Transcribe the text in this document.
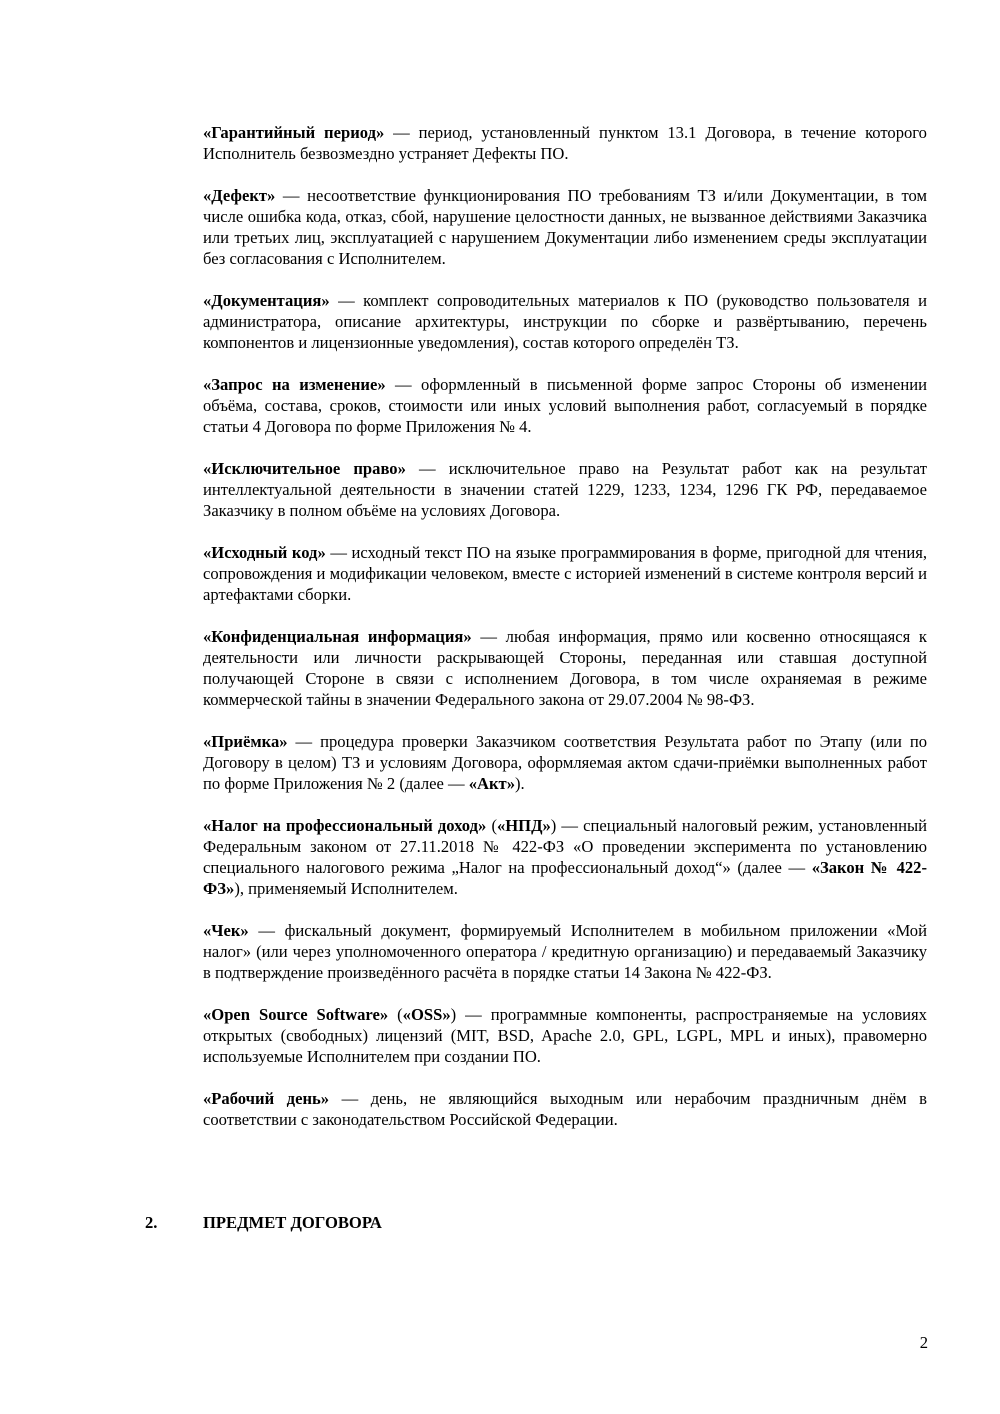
«Гарантийный период» — период, установленный пунктом 13.1 Договора, в течение которого Исполнитель безвозмездно устраняет Дефекты ПО.

«Дефект» — несоответствие функционирования ПО требованиям ТЗ и/или Документации, в том числе ошибка кода, отказ, сбой, нарушение целостности данных, не вызванное действиями Заказчика или третьих лиц, эксплуатацией с нарушением Документации либо изменением среды эксплуатации без согласования с Исполнителем.

«Документация» — комплект сопроводительных материалов к ПО (руководство пользователя и администратора, описание архитектуры, инструкции по сборке и развёртыванию, перечень компонентов и лицензионные уведомления), состав которого определён ТЗ.

«Запрос на изменение» — оформленный в письменной форме запрос Стороны об изменении объёма, состава, сроков, стоимости или иных условий выполнения работ, согласуемый в порядке статьи 4 Договора по форме Приложения № 4.

«Исключительное право» — исключительное право на Результат работ как на результат интеллектуальной деятельности в значении статей 1229, 1233, 1234, 1296 ГК РФ, передаваемое Заказчику в полном объёме на условиях Договора.

«Исходный код» — исходный текст ПО на языке программирования в форме, пригодной для чтения, сопровождения и модификации человеком, вместе с историей изменений в системе контроля версий и артефактами сборки.

«Конфиденциальная информация» — любая информация, прямо или косвенно относящаяся к деятельности или личности раскрывающей Стороны, переданная или ставшая доступной получающей Стороне в связи с исполнением Договора, в том числе охраняемая в режиме коммерческой тайны в значении Федерального закона от 29.07.2004 № 98-ФЗ.

«Приёмка» — процедура проверки Заказчиком соответствия Результата работ по Этапу (или по Договору в целом) ТЗ и условиям Договора, оформляемая актом сдачи-приёмки выполненных работ по форме Приложения № 2 (далее — «Акт»).

«Налог на профессиональный доход» («НПД») — специальный налоговый режим, установленный Федеральным законом от 27.11.2018 № 422-ФЗ «О проведении эксперимента по установлению специального налогового режима „Налог на профессиональный доход“» (далее — «Закон № 422-ФЗ»), применяемый Исполнителем.

«Чек» — фискальный документ, формируемый Исполнителем в мобильном приложении «Мой налог» (или через уполномоченного оператора / кредитную организацию) и передаваемый Заказчику в подтверждение произведённого расчёта в порядке статьи 14 Закона № 422-ФЗ.

«Open Source Software» («OSS») — программные компоненты, распространяемые на условиях открытых (свободных) лицензий (MIT, BSD, Apache 2.0, GPL, LGPL, MPL и иных), правомерно используемые Исполнителем при создании ПО.

«Рабочий день» — день, не являющийся выходным или нерабочим праздничным днём в соответствии с законодательством Российской Федерации.

2.	ПРЕДМЕТ ДОГОВОРА
2
